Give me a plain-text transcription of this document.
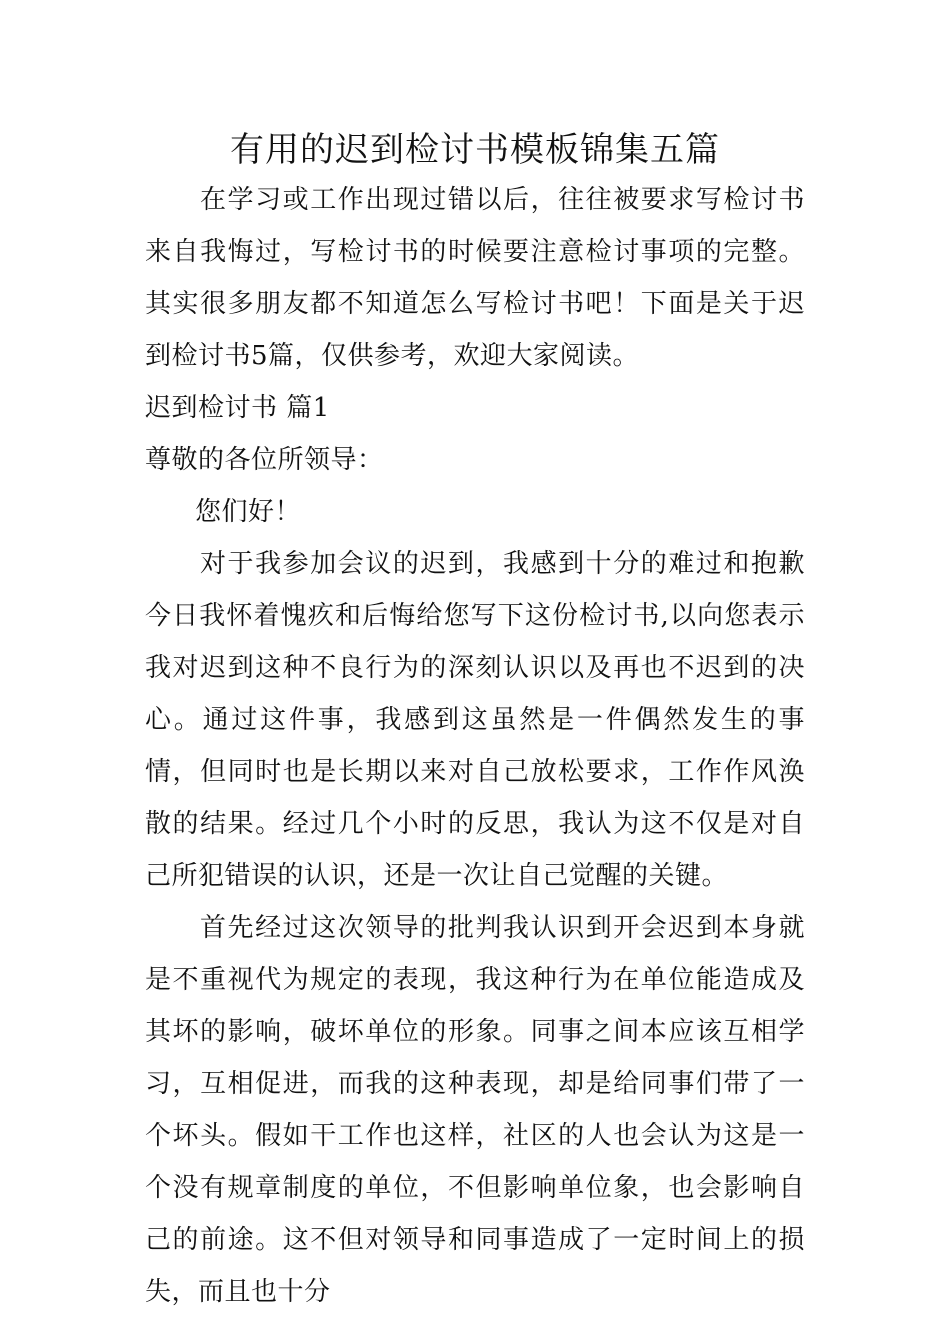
有用的迟到检讨书模板锦集五篇

在学习或工作出现过错以后，往往被要求写检讨书来自我悔过，写检讨书的时候要注意检讨事项的完整。其实很多朋友都不知道怎么写检讨书吧！下面是关于迟到检讨书5篇，仅供参考，欢迎大家阅读。

迟到检讨书 篇1

尊敬的各位所领导：

您们好！

对于我参加会议的迟到，我感到十分的难过和抱歉今日我怀着愧疚和后悔给您写下这份检讨书,以向您表示我对迟到这种不良行为的深刻认识以及再也不迟到的决心。通过这件事，我感到这虽然是一件偶然发生的事情，但同时也是长期以来对自己放松要求，工作作风涣散的结果。经过几个小时的反思，我认为这不仅是对自己所犯错误的认识，还是一次让自己觉醒的关键。

首先经过这次领导的批判我认识到开会迟到本身就是不重视代为规定的表现，我这种行为在单位能造成及其坏的影响，破坏单位的形象。同事之间本应该互相学习，互相促进，而我的这种表现，却是给同事们带了一个坏头。假如干工作也这样，社区的人也会认为这是一个没有规章制度的单位，不但影响单位象，也会影响自己的前途。这不但对领导和同事造成了一定时间上的损失，而且也十分
